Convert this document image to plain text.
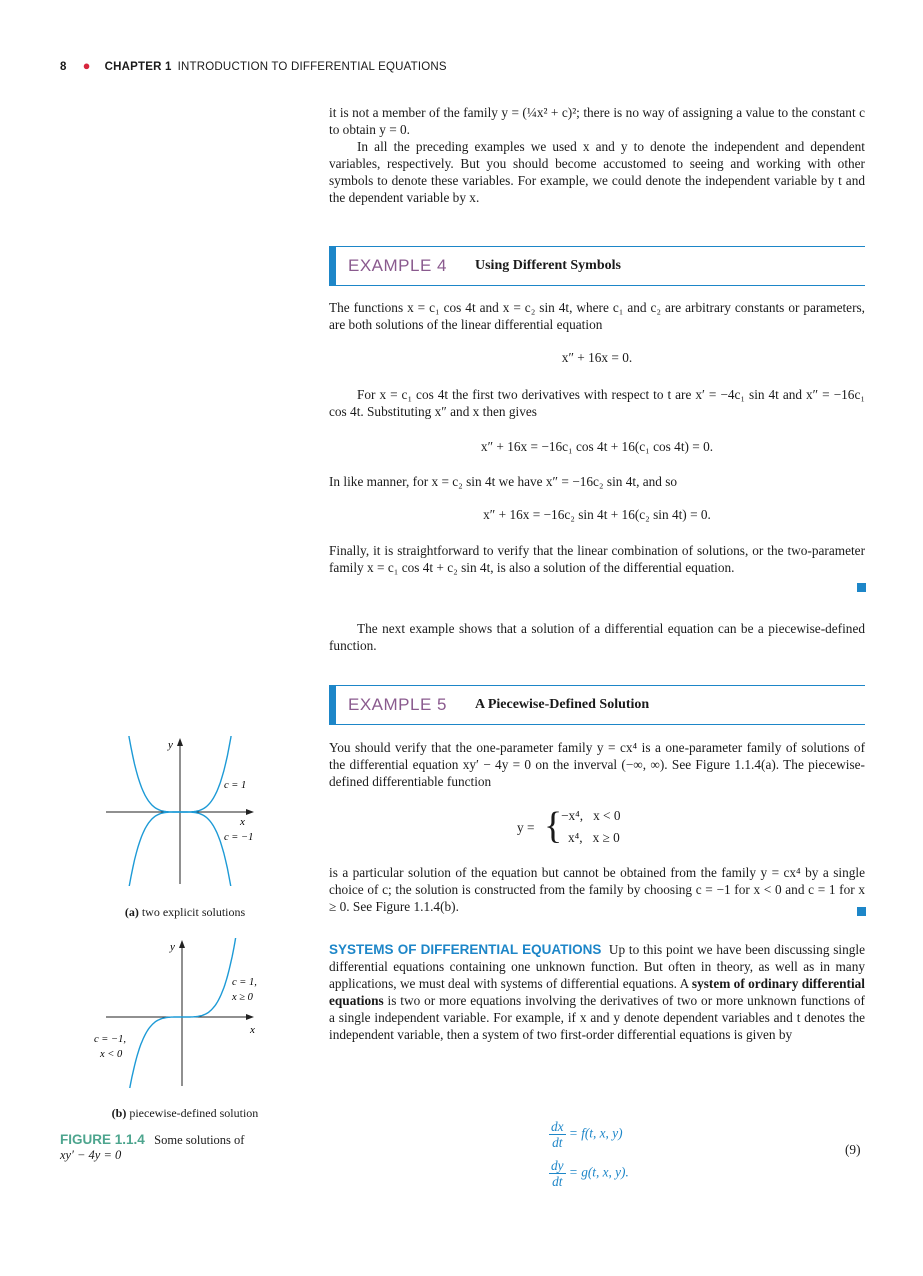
8 ● CHAPTER 1 INTRODUCTION TO DIFFERENTIAL EQUATIONS

it is not a member of the family y = (¼x² + c)²; there is no way of assigning a value to the constant c to obtain y = 0.

In all the preceding examples we used x and y to denote the independent and dependent variables, respectively. But you should become accustomed to seeing and working with other symbols to denote these variables. For example, we could denote the independent variable by t and the dependent variable by x.

EXAMPLE 4 Using Different Symbols
The functions x = c₁ cos 4t and x = c₂ sin 4t, where c₁ and c₂ are arbitrary constants or parameters, are both solutions of the linear differential equation
x″ + 16x = 0.
For x = c₁ cos 4t the first two derivatives with respect to t are x′ = −4c₁ sin 4t and x″ = −16c₁ cos 4t. Substituting x″ and x then gives
x″ + 16x = −16c₁ cos 4t + 16(c₁ cos 4t) = 0.
In like manner, for x = c₂ sin 4t we have x″ = −16c₂ sin 4t, and so
x″ + 16x = −16c₂ sin 4t + 16(c₂ sin 4t) = 0.
Finally, it is straightforward to verify that the linear combination of solutions, or the two-parameter family x = c₁ cos 4t + c₂ sin 4t, is also a solution of the differential equation.
The next example shows that a solution of a differential equation can be a piecewise-defined function.
EXAMPLE 5 A Piecewise-Defined Solution
You should verify that the one-parameter family y = cx⁴ is a one-parameter family of solutions of the differential equation xy′ − 4y = 0 on the inverval (−∞, ∞). See Figure 1.1.4(a). The piecewise-defined differentiable function
y = {
−x⁴,   x < 0
x⁴,   x ≥ 0
is a particular solution of the equation but cannot be obtained from the family y = cx⁴ by a single choice of c; the solution is constructed from the family by choosing c = −1 for x < 0 and c = 1 for x ≥ 0. See Figure 1.1.4(b).
SYSTEMS OF DIFFERENTIAL EQUATIONS Up to this point we have been discussing single differential equations containing one unknown function. But often in theory, as well as in many applications, we must deal with systems of differential equations. A system of ordinary differential equations is two or more equations involving the derivatives of two or more unknown functions of a single independent variable. For example, if x and y denote dependent variables and t denotes the independent variable, then a system of two first-order differential equations is given by
$\frac{dx}{dt} = f(t$, x, y)
$\frac{dy}{dt} = g(t$, x, y).
(9)
y
x
c = 1
c = −1
(a) two explicit solutions
y
x
c = 1,
x ≥ 0
c = −1,
x < 0
(b) piecewise-defined solution
FIGURE 1.1.4 Some solutions of
xy′ − 4y = 0
